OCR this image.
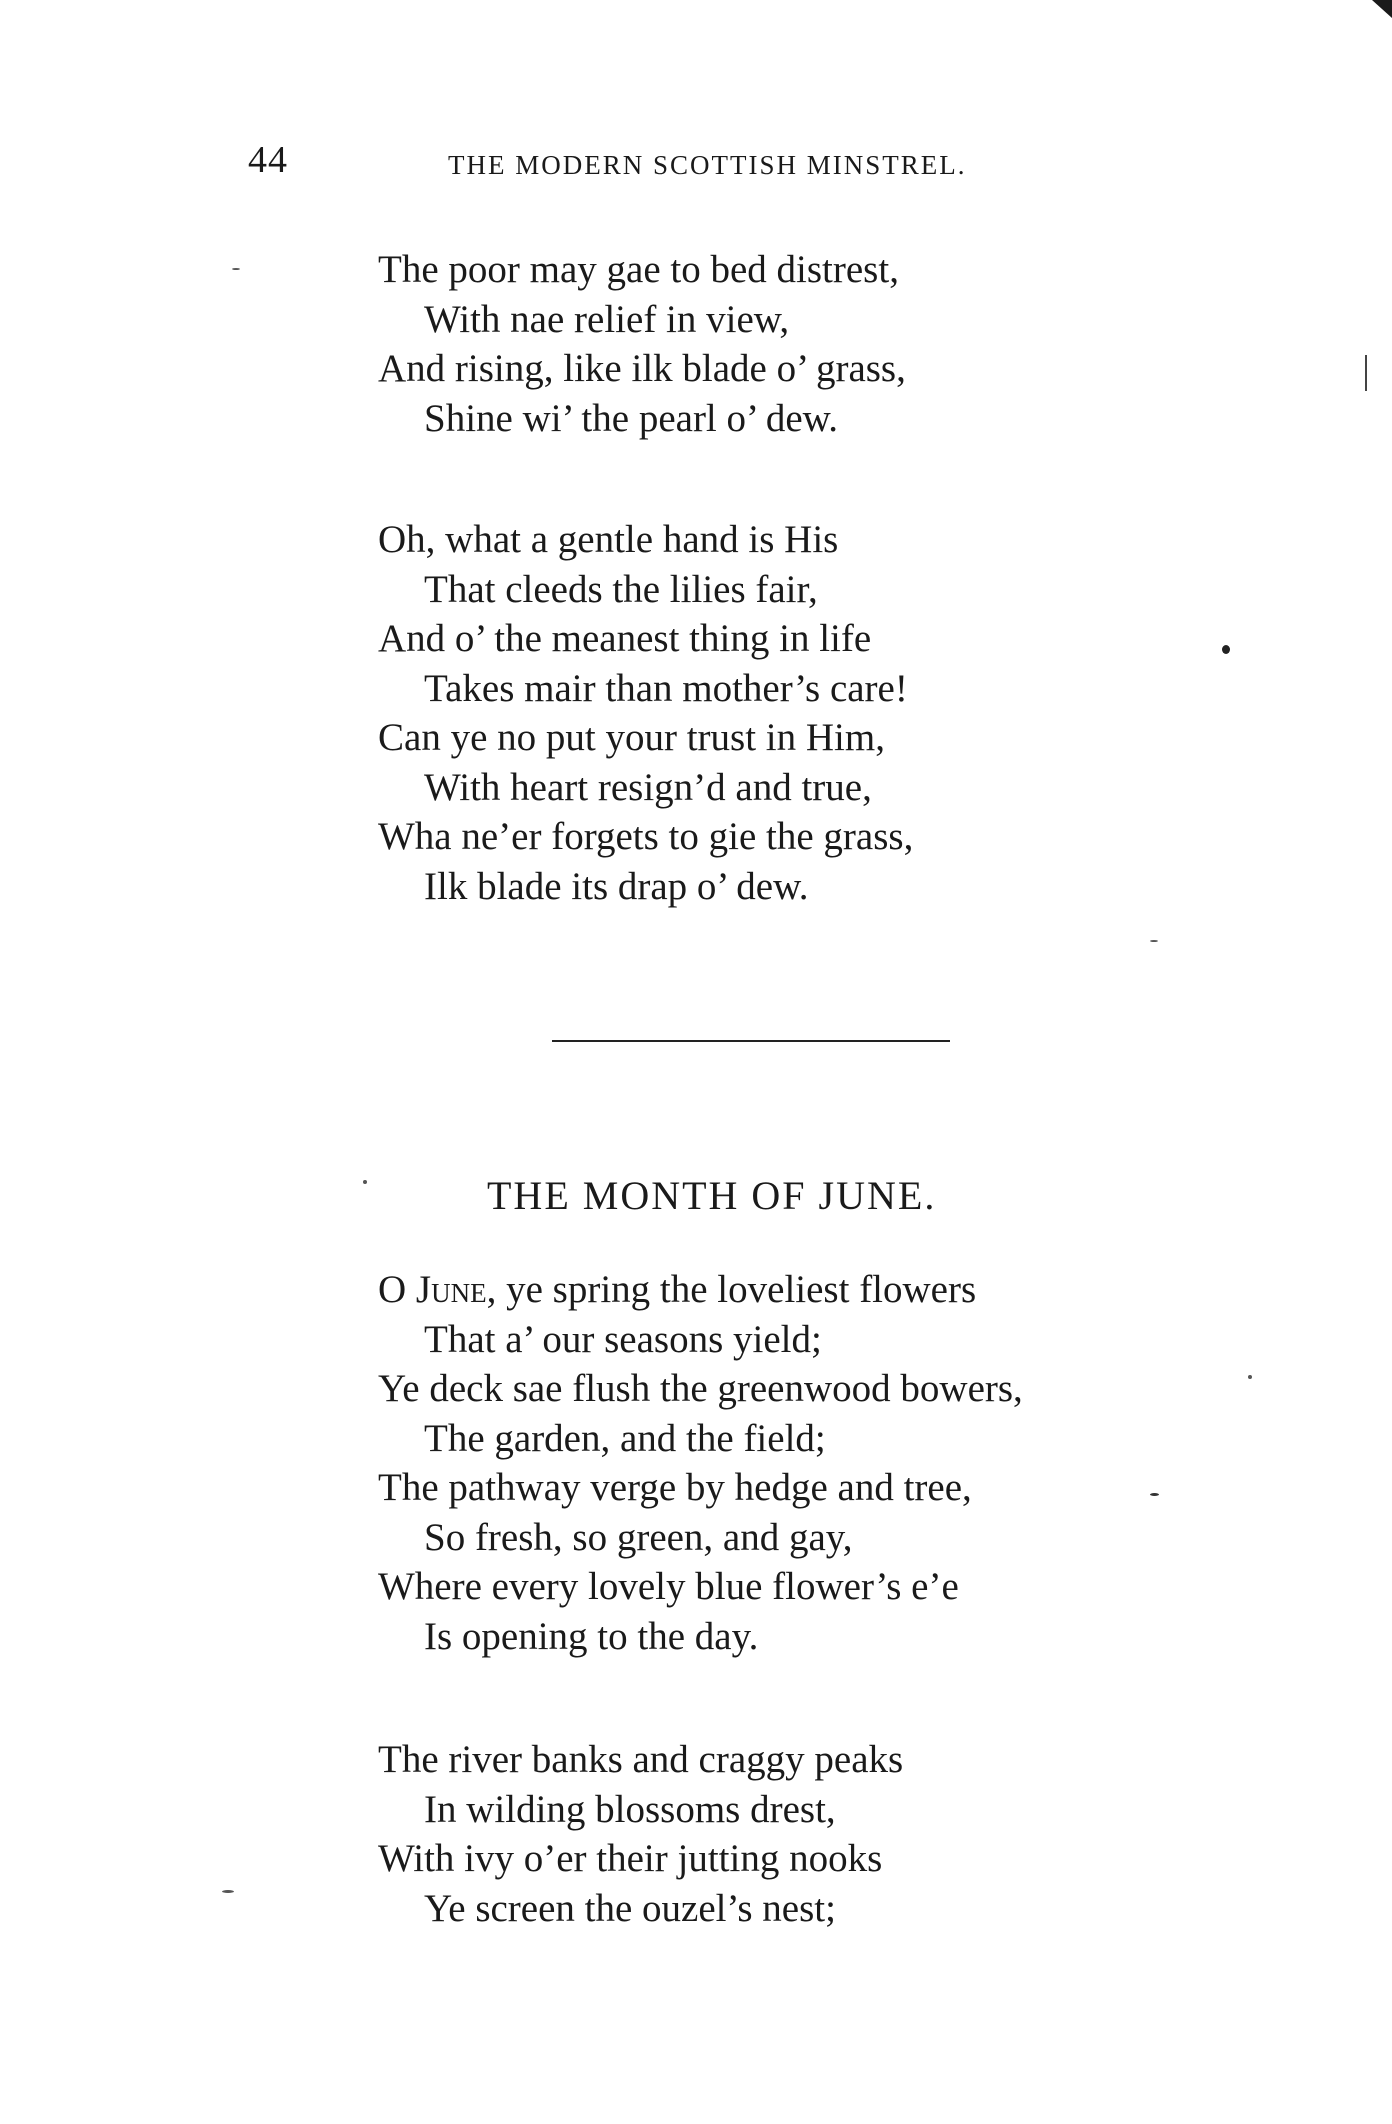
44	THE MODERN SCOTTISH MINSTREL.
The poor may gae to bed distrest,
With nae relief in view,
And rising, like ilk blade o’ grass,
Shine wi’ the pearl o’ dew.
Oh, what a gentle hand is His
That cleeds the lilies fair,
And o’ the meanest thing in life
Takes mair than mother’s care!
Can ye no put your trust in Him,
With heart resign’d and true,
Wha ne’er forgets to gie the grass,
Ilk blade its drap o’ dew.
THE MONTH OF JUNE.
O June, ye spring the loveliest flowers
That a’ our seasons yield;
Ye deck sae flush the greenwood bowers,
The garden, and the field;
The pathway verge by hedge and tree,
So fresh, so green, and gay,
Where every lovely blue flower’s e’e
Is opening to the day.
The river banks and craggy peaks
In wilding blossoms drest,
With ivy o’er their jutting nooks
Ye screen the ouzel’s nest;
